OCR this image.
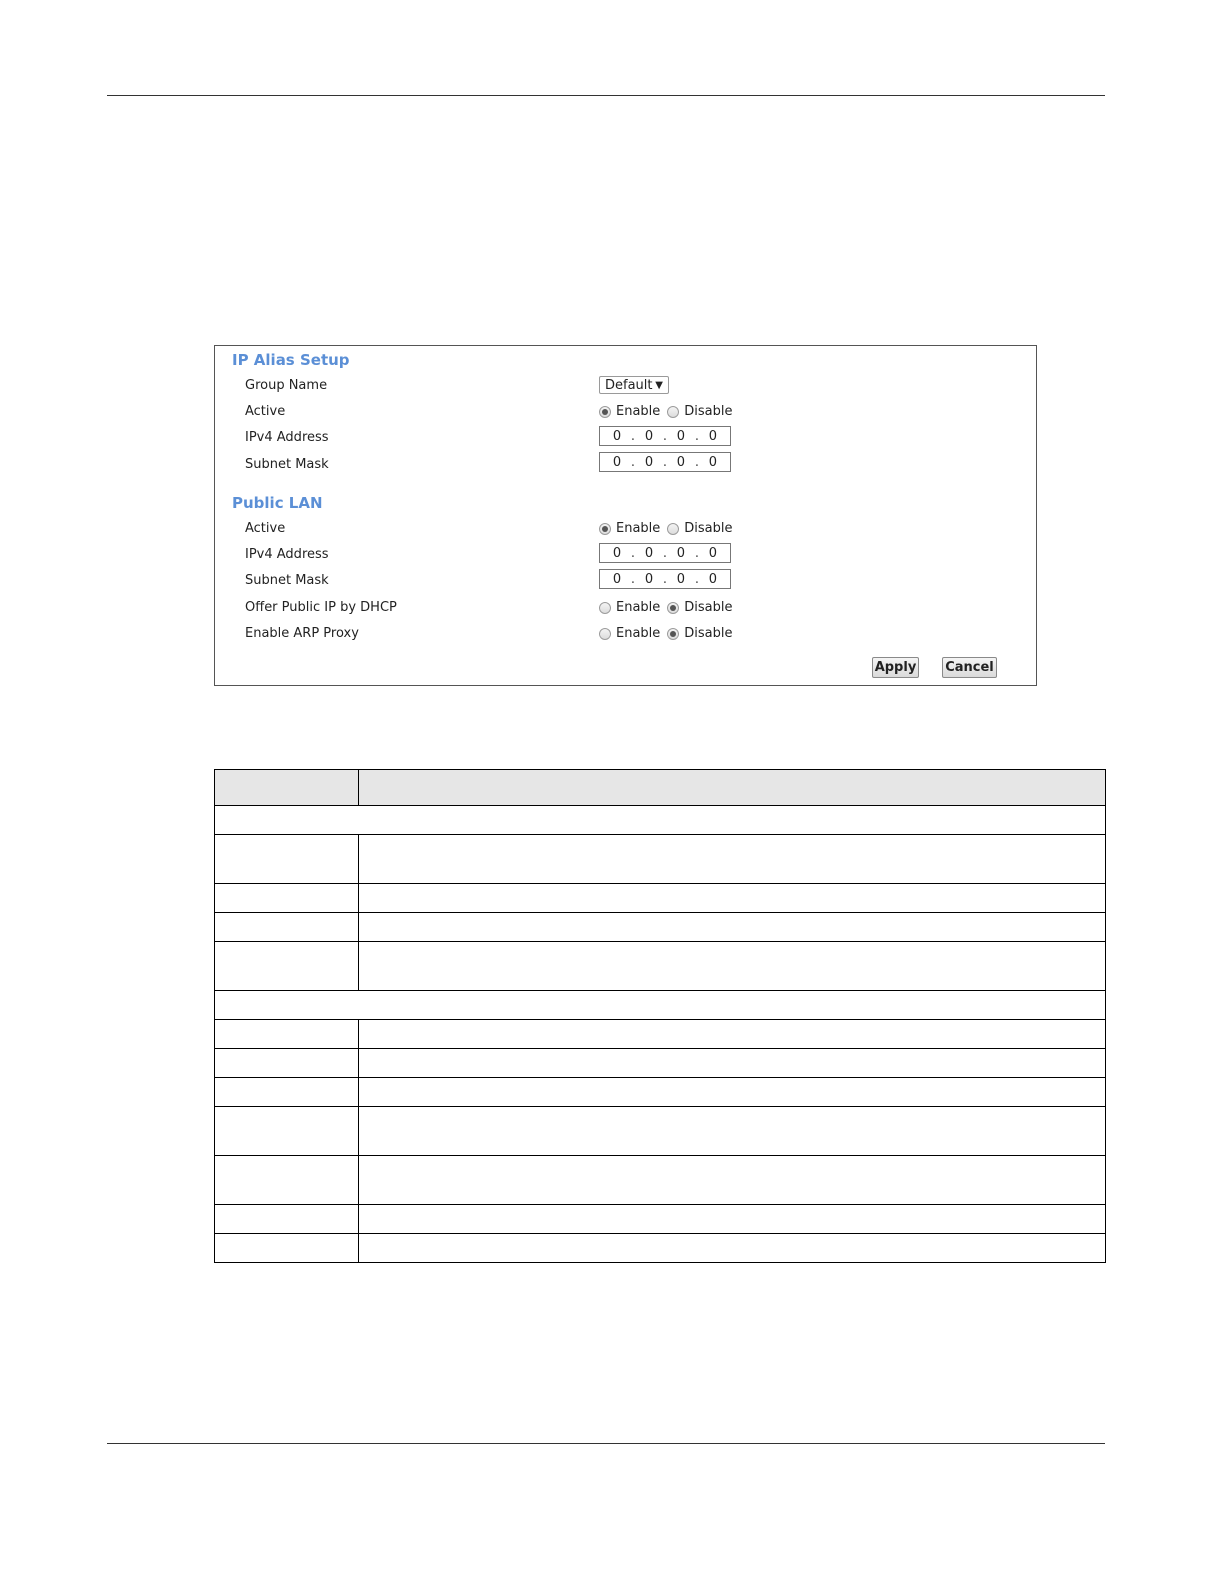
IP Alias Setup
Group Name	Default ▼
Active	Enable Disable
IPv4 Address	0 . 0 . 0 . 0
Subnet Mask	0 . 0 . 0 . 0
Public LAN
Active	Enable Disable
IPv4 Address	0 . 0 . 0 . 0
Subnet Mask	0 . 0 . 0 . 0
Offer Public IP by DHCP	Enable Disable
Enable ARP Proxy	Enable Disable
Apply Cancel
